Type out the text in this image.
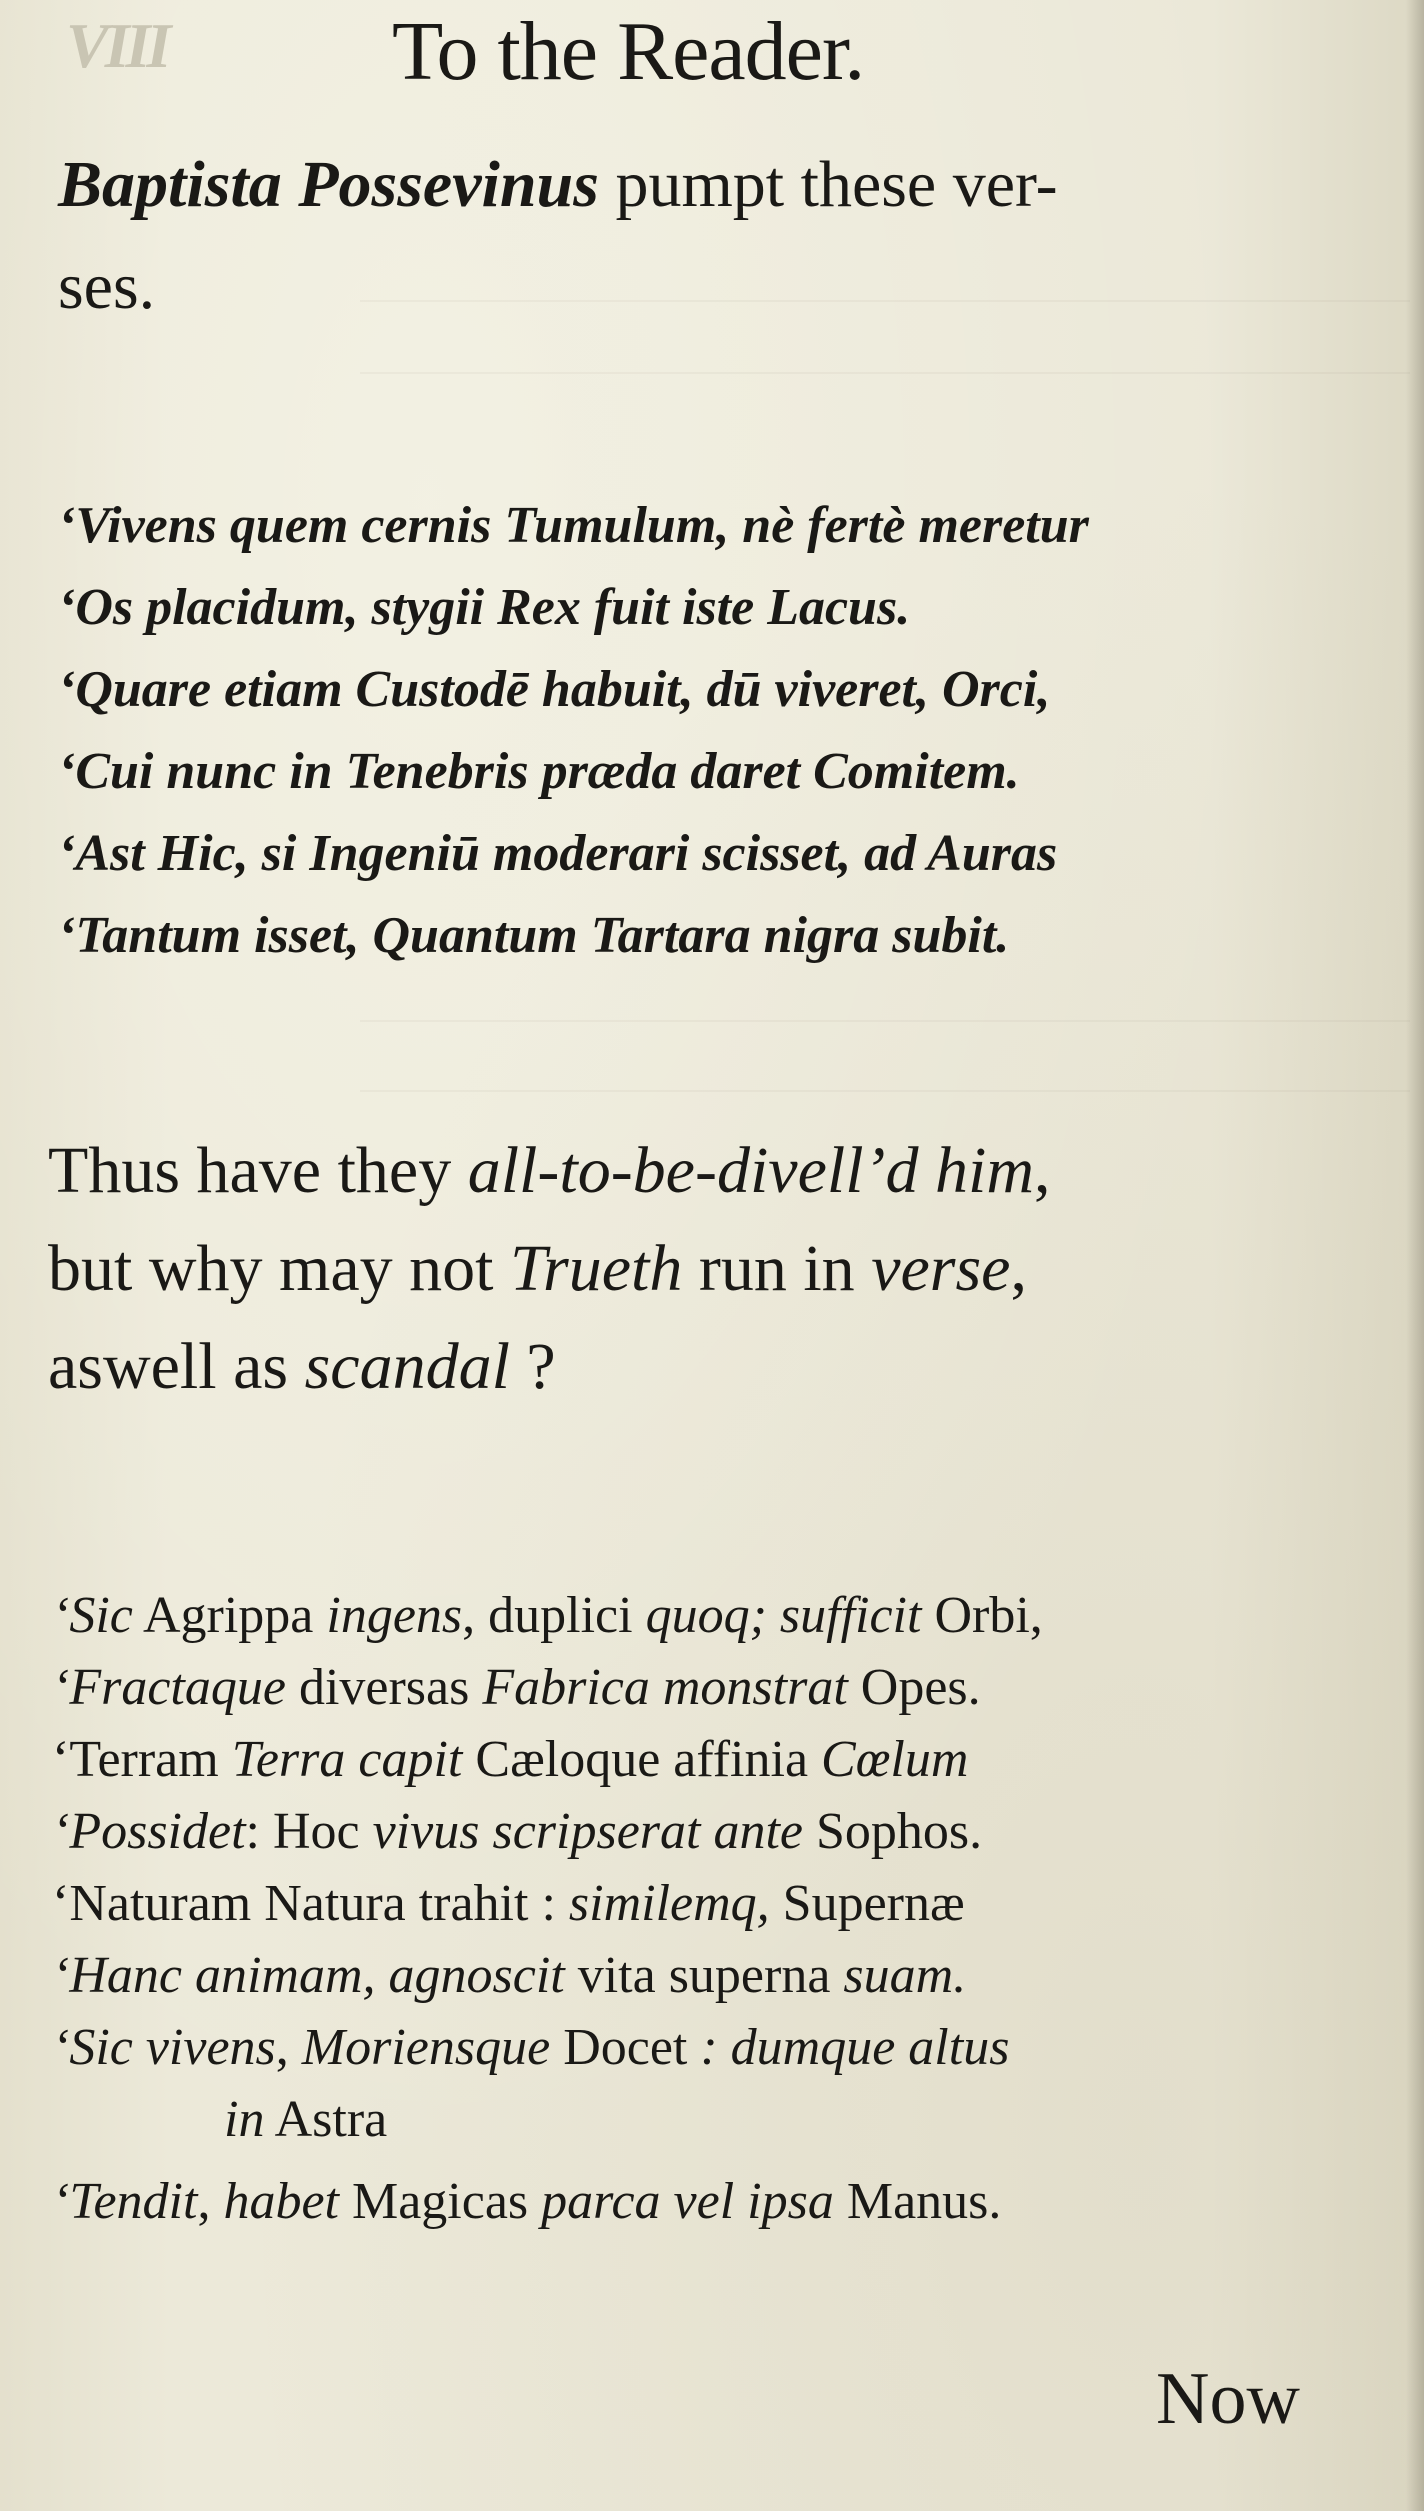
VIII	To the Reader.
Baptista Possevinus pumpt these ver-
ses.
‘Vivens quem cernis Tumulum, nè fertè meretur
‘Os placidum, stygii Rex fuit iste Lacus.
‘Quare etiam Custodē habuit, dū viveret, Orci,
‘Cui nunc in Tenebris præda daret Comitem.
‘Ast Hic, si Ingeniū moderari scisset, ad Auras
‘Tantum isset, Quantum Tartara nigra subit.
Thus have they all-to-be-divell’d him,
but why may not Trueth run in verse,
aswell as scandal ?
‘Sic Agrippa ingens, duplici quoq; sufficit Orbi,
‘Fractaque diversas Fabrica monstrat Opes.
‘Terram Terra capit Cæloque affinia Cœlum
‘Possidet: Hoc vivus scripserat ante Sophos.
‘Naturam Natura trahit : similemq, Supernæ
‘Hanc animam, agnoscit vita superna suam.
‘Sic vivens, Moriensque Docet : dumque altus
in Astra
‘Tendit, habet Magicas parca vel ipsa Manus.
Now
